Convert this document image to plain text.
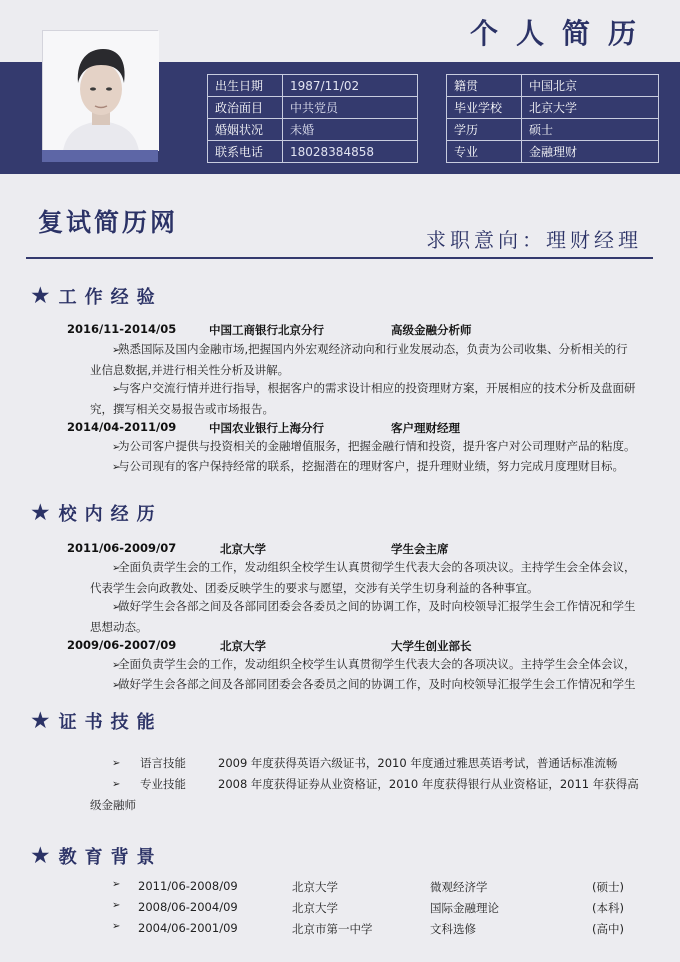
个人简历
出生日期	1987/11/02
政治面目	中共党员
婚姻状况	未婚
联系电话	18028384858
籍贯	中国北京
毕业学校	北京大学
学历	硕士
专业	金融理财
复试简历网
求职意向：理财经理
★ 工作经验
2016/11-2014/05	中国工商银行北京分行	高级金融分析师
➢熟悉国际及国内金融市场,把握国内外宏观经济动向和行业发展动态，负责为公司收集、分析相关的行
业信息数据,并进行相关性分析及讲解。
➢与客户交流行情并进行指导，根据客户的需求设计相应的投资理财方案，开展相应的技术分析及盘面研
究，撰写相关交易报告或市场报告。
2014/04-2011/09	中国农业银行上海分行	客户理财经理
➢为公司客户提供与投资相关的金融增值服务，把握金融行情和投资，提升客户对公司理财产品的粘度。
➢与公司现有的客户保持经常的联系，挖掘潜在的理财客户，提升理财业绩，努力完成月度理财目标。
★ 校内经历
2011/06-2009/07	北京大学	学生会主席
➢全面负责学生会的工作，发动组织全校学生认真贯彻学生代表大会的各项决议。主持学生会全体会议，
代表学生会向政教处、团委反映学生的要求与愿望，交涉有关学生切身利益的各种事宜。
➢做好学生会各部之间及各部同团委会各委员之间的协调工作，及时向校领导汇报学生会工作情况和学生
思想动态。
2009/06-2007/09	北京大学	大学生创业部长
➢全面负责学生会的工作，发动组织全校学生认真贯彻学生代表大会的各项决议。主持学生会全体会议，
➢做好学生会各部之间及各部同团委会各委员之间的协调工作，及时向校领导汇报学生会工作情况和学生
★ 证书技能
➢ 语言技能	2009 年度获得英语六级证书，2010 年度通过雅思英语考试，普通话标准流畅
➢ 专业技能	2008 年度获得证券从业资格证，2010 年度获得银行从业资格证，2011 年获得高
级金融师
★ 教育背景
➢ 2011/06-2008/09	北京大学	微观经济学	(硕士)
➢ 2008/06-2004/09	北京大学	国际金融理论	(本科)
➢ 2004/06-2001/09	北京市第一中学	文科选修	(高中)
